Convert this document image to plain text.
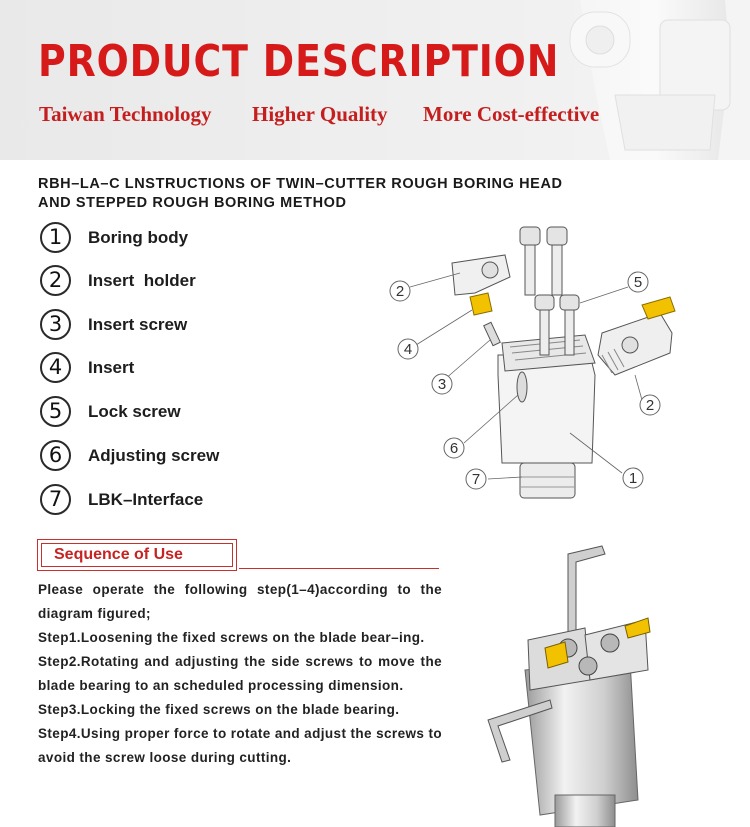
PRODUCT DESCRIPTION
Taiwan Technology Higher Quality More Cost-effective
RBH–LA–C LNSTRUCTIONS OF TWIN–CUTTER ROUGH BORING HEAD
AND STEPPED ROUGH BORING METHOD
1	Boring body
2	Insert  holder
3	Insert screw
4	Insert
5	Lock screw
6	Adjusting screw
7	LBK–Interface
2
5
4
3
2
6
7	1
Sequence of Use

Please operate the following step(1–4)according to the diagram figured;

Step1.Loosening the fixed screws on the blade bear–ing.

Step2.Rotating and adjusting the side screws to move the blade bearing to an scheduled processing dimension.

Step3.Locking the fixed screws on the blade bearing.

Step4.Using proper force to rotate and adjust the screws to avoid the screw loose during cutting.
